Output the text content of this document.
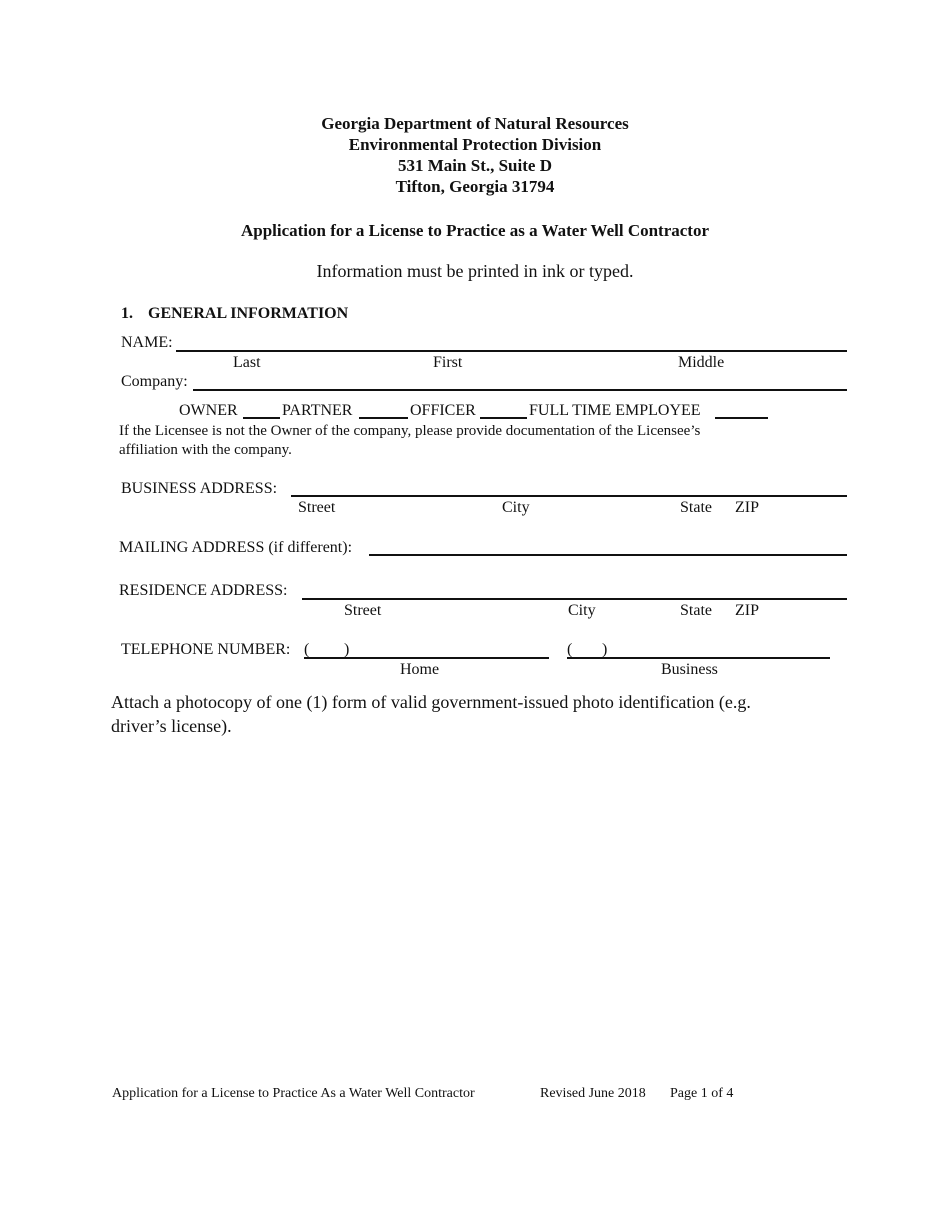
Georgia Department of Natural Resources
Environmental Protection Division
531 Main St., Suite D
Tifton, Georgia 31794
Application for a License to Practice as a Water Well Contractor
Information must be printed in ink or typed.
1. GENERAL INFORMATION
NAME:
Last	First	Middle
Company:
OWNER	PARTNER	OFFICER	FULL TIME EMPLOYEE
If the Licensee is not the Owner of the company, please provide documentation of the Licensee’s
affiliation with the company.
BUSINESS ADDRESS:
Street	City	State ZIP
MAILING ADDRESS (if different):
RESIDENCE ADDRESS:
Street	City	State ZIP
TELEPHONE NUMBER: ( )	( )
Home	Business
Attach a photocopy of one (1) form of valid government-issued photo identification (e.g.
driver’s license).
Application for a License to Practice As a Water Well Contractor	Revised June 2018 Page 1 of 4
